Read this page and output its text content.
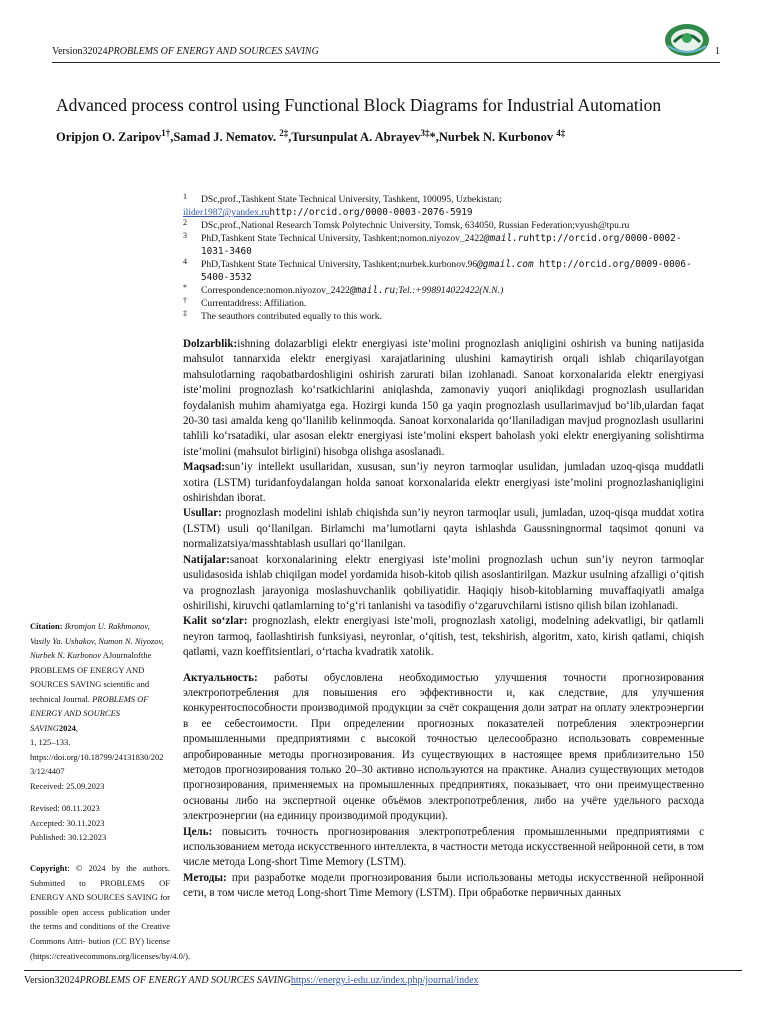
Version32024PROBLEMS OF ENERGY AND SOURCES SAVING	1
Advanced process control using Functional Block Diagrams for Industrial Automation
Oripjon O. Zaripov$^{1\dagger}$,Samad J. Nematov. $^{2\ddagger}$,Tursunpulat A. Abrayev$^{3\ddagger}$*,Nurbek N. Kurbonov $^{4\ddagger}$
1 DSc,prof.,Tashkent State Technical University, Tashkent, 100095, Uzbekistan;
ilider1987@yandex.ruhttp://orcid.org/0000-0003-2076-5919
2 DSc,prof.,National Research Tomsk Polytechnic University, Tomsk, 634050, Russian Federation;vyush@tpu.ru
3 PhD,Tashkent State Technical University, Tashkent;nomon.niyozov_2422@mail.ruhttp://orcid.org/0000-0002-1031-3460
4 PhD,Tashkent State Technical University, Tashkent;nurbek.kurbonov.96@gmail.com http://orcid.org/0009-0006-5400-3532
* Correspondence:nomon.niyozov_2422@mail.ru;Tel.:+998914022422(N.N.)
† Currentaddress: Affiliation.
‡ The seauthors contributed equally to this work.

Dolzarblik:ishning dolazarbligi elektr energiyasi iste’molini prognozlash aniqligini oshirish va buning natijasida mahsulot tannarxida elektr energiyasi xarajatlarining ulushini kamaytirish orqali ishlab chiqarilayotgan mahsulotlarning raqobatbardoshligini oshirish zarurati bilan izohlanadi. Sanoat korxonalarida elektr energiyasi iste’molini prognozlash ko‘rsatkichlarini aniqlashda, zamonaviy yuqori aniqlikdagi prognozlash usullaridan foydalanish muhim ahamiyatga ega. Hozirgi kunda 150 ga yaqin prognozlash usullarimavjud bo‘lib,ulardan faqat 20-30 tasi amalda keng qo‘llanilib kelinmoqda. Sanoat korxonalarida qo‘llaniladigan mavjud prognozlash usullarini tahlili ko‘rsatadiki, ular asosan elektr energiyasi iste’molini ekspert baholash yoki elektr energiyaning solishtirma iste’molini (mahsulot birligini) hisobga olishga asoslanadi.

Maqsad:sun’iy intellekt usullaridan, xususan, sun’iy neyron tarmoqlar usulidan, jumladan uzoq-qisqa muddatli xotira (LSTM) turidanfoydalangan holda sanoat korxonalarida elektr energiyasi iste’molini prognozlashaniqligini oshirishdan iborat.

Usullar: prognozlash modelini ishlab chiqishda sun’iy neyron tarmoqlar usuli, jumladan, uzoq-qisqa muddat xotira (LSTM) usuli qo‘llanilgan. Birlamchi ma’lumotlarni qayta ishlashda Gaussningnormal taqsimot qonuni va normalizatsiya/masshtablash usullari qo‘llanilgan.

Natijalar:sanoat korxonalarining elektr energiyasi iste’molini prognozlash uchun sun’iy neyron tarmoqlar usulidasosida ishlab chiqilgan model yordamida hisob-kitob qilish asoslantirilgan. Mazkur usulning afzalligi o‘qitish va prognozlash jarayoniga moslashuvchanlik qobiliyatidir. Haqiqiy hisob-kitoblarning muvaffaqiyatli amalga oshirilishi, kiruvchi qatlamlarning to‘g‘ri tanlanishi va tasodifiy o‘zgaruvchilarni istisno qilish bilan izohlanadi.

Kalit so‘zlar: prognozlash, elektr energiyasi iste’moli, prognozlash xatoligi, modelning adekvatligi, bir qatlamli neyron tarmoq, faollashtirish funksiyasi, neyronlar, o‘qitish, test, tekshirish, algoritm, xato, kirish qatlami, chiqish qatlami, vazn koeffitsientlari, o‘rtacha kvadratik xatolik.

Актуальность: работы обусловлена необходимостью улучшения точности прогнозирования электропотребления для повышения его эффективности и, как следствие, для улучшения конкурентоспособности производимой продукции за счёт сокращения доли затрат на оплату электроэнергии в ее себестоимости. При определении прогнозных показателей потребления электроэнергии промышленными предприятиями с высокой точностью целесообразно использовать современные апробированные методы прогнозирования. Из существующих в настоящее время приблизительно 150 методов прогнозирования только 20–30 активно используются на практике. Анализ существующих методов прогнозирования, применяемых на промышленных предприятиях, показывает, что они преимущественно основаны либо на экспертной оценке объёмов электропотребления, либо на учёте удельного расхода электроэнергии (на единицу производимой продукции).

Цель: повысить точность прогнозирования электропотребления промышленными предприятиями с использованием метода искусственного интеллекта, в частности метода искусственной нейронной сети, в том числе метода Long-short Time Memory (LSTM).

Методы: при разработке модели прогнозирования были использованы методы искусственной нейронной сети, в том числе метод Long-short Time Memory (LSTM). При обработке первичных данных

Citation: Ikromjon U. Rakhmonov, Vasily Ya. Ushakov, Numon N. Niyozov, Nurbek N. Kurbonov AJournalofthe PROBLEMS OF ENERGY AND SOURCES SAVING scientific and technical Journal. PROBLEMS OF ENERGY AND SOURCES SAVING2024,
1, 125–133.
https://doi.org/10.18799/24131830/2023/12/4407
Received: 25.09.2023
Revised: 08.11.2023
Accepted: 30.11.2023
Published: 30.12.2023
Copyright: © 2024 by the authors. Submitted to PROBLEMS OF ENERGY AND SOURCES SAVING for possible open access publication under the terms and conditions of the Creative Commons Attri- bution (CC BY) license (https://creativecommons.org/licenses/by/4.0/).
Version32024PROBLEMS OF ENERGY AND SOURCES SAVINGhttps://energy.i-edu.uz/index.php/journal/index
